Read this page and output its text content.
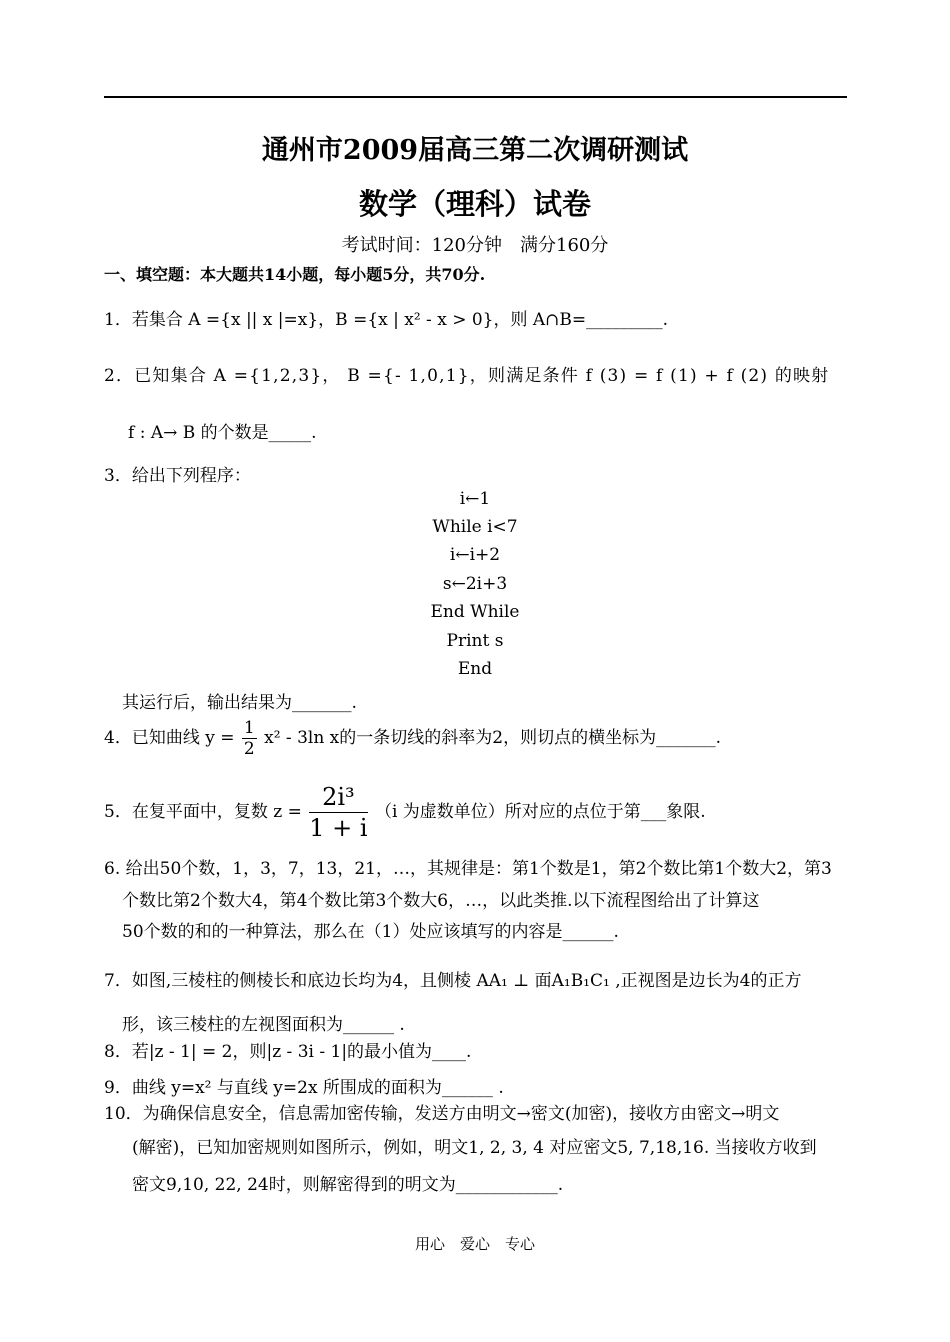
通州市2009届高三第二次调研测试
数学（理科）试卷
考试时间：120分钟　满分160分
一、填空题：本大题共14小题，每小题5分，共70分.
1．若集合 A ={x || x |=x}，B ={x | x² - x > 0}，则 A∩B=_________.
2．已知集合 A ={1,2,3}， B ={- 1,0,1}，则满足条件 f (3) = f (1) + f (2) 的映射
f : A→ B 的个数是_____.
3．给出下列程序：
i←1
While i<7
i←i+2
s←2i+3
End While
Print s
End
其运行后，输出结果为_______.
4．已知曲线 $y = \frac{1}{2} x^2 - 3\ln$ x的一条切线的斜率为2，则切点的横坐标为_______.
5．在复平面中，复数 $z = \frac{\text{2i³}}{1 + i} (i$ 为虚数单位）所对应的点位于第___象限.
6. 给出50个数，1，3，7，13，21，…，其规律是：第1个数是1，第2个数比第1个数大2，第3
个数比第2个数大4，第4个数比第3个数大6，…，以此类推.以下流程图给出了计算这
50个数的和的一种算法，那么在（1）处应该填写的内容是______.
7．如图,三棱柱的侧棱长和底边长均为4，且侧棱 AA₁ ⊥ 面A₁B₁C₁ ,正视图是边长为4的正方
形，该三棱柱的左视图面积为______ .
8．若|z - 1| = 2，则|z - 3i - 1|的最小值为____.
9．曲线 y=x² 与直线 y=2x 所围成的面积为______ .
10．为确保信息安全，信息需加密传输，发送方由明文→密文(加密)，接收方由密文→明文
(解密)，已知加密规则如图所示，例如，明文1, 2, 3, 4 对应密文5, 7,18,16. 当接收方收到
密文9,10, 22, 24时，则解密得到的明文为____________.
用心　爱心　专心
